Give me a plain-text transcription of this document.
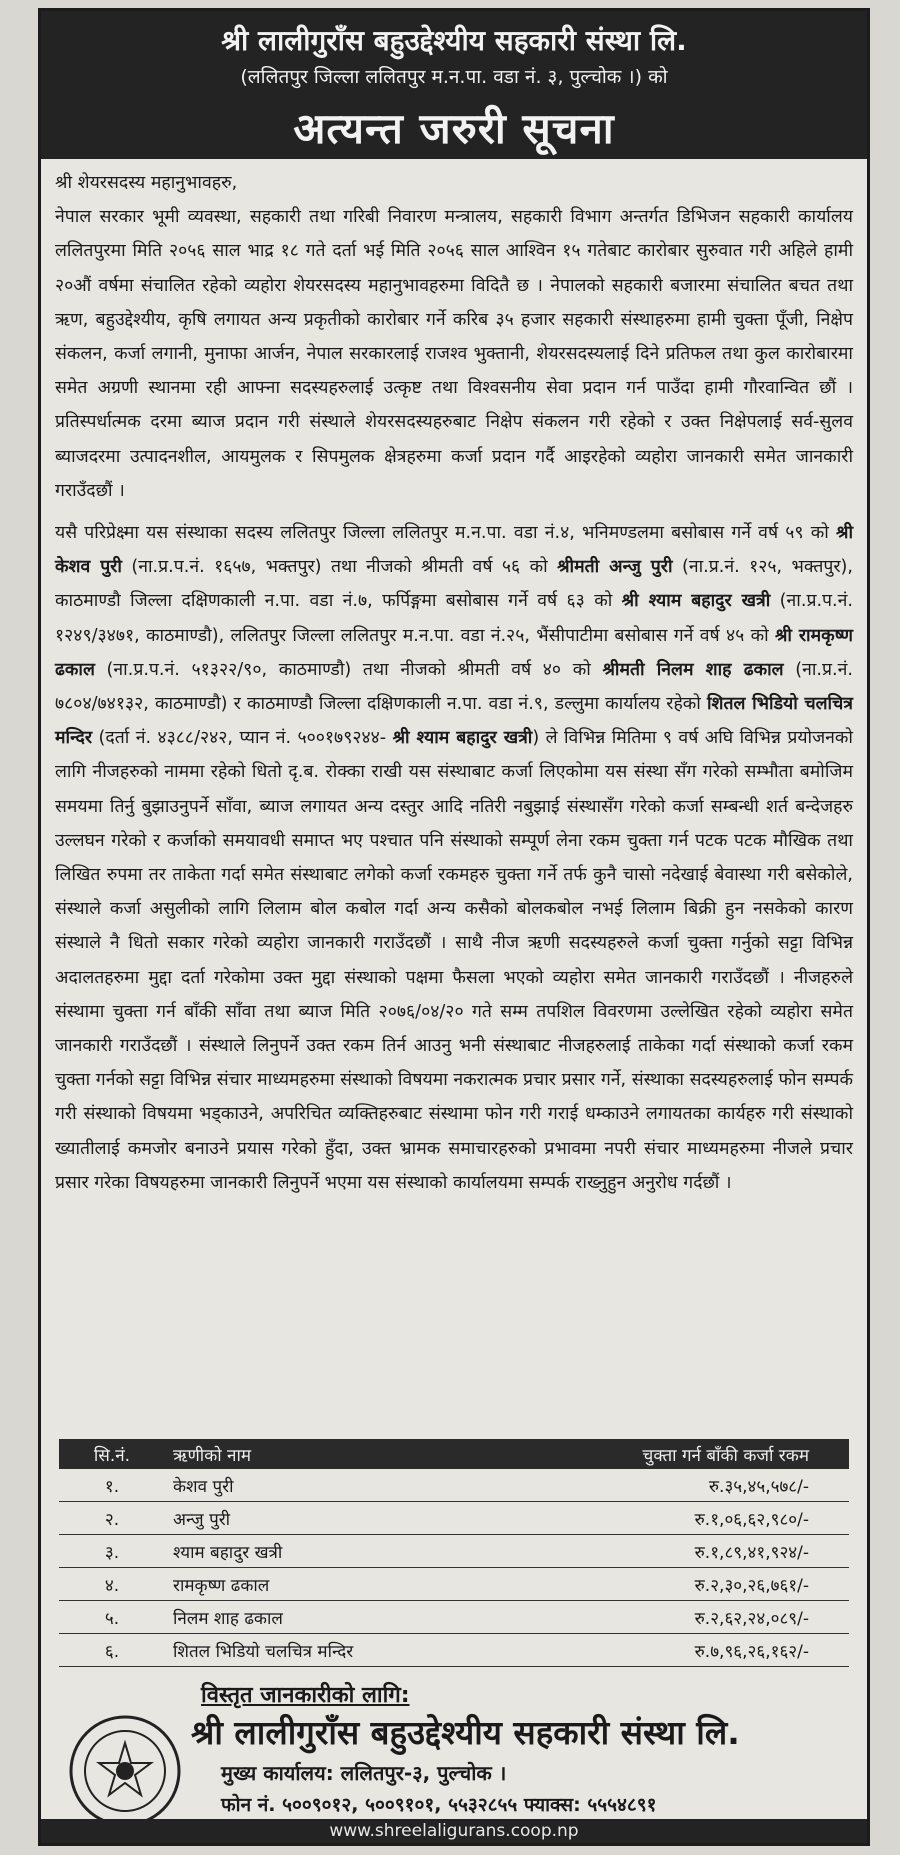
श्री लालीगुराँस बहुउद्देश्यीय सहकारी संस्था लि.
(ललितपुर जिल्ला ललितपुर म.न.पा. वडा नं. ३, पुल्चोक ।) को
अत्यन्त जरुरी सूचना

श्री शेयरसदस्य महानुभावहरु,

नेपाल सरकार भूमी व्यवस्था, सहकारी तथा गरिबी निवारण मन्त्रालय, सहकारी विभाग अन्तर्गत डिभिजन सहकारी कार्यालय ललितपुरमा मिति २०५६ साल भाद्र १८ गते दर्ता भई मिति २०५६ साल आश्विन १५ गतेबाट कारोबार सुरुवात गरी अहिले हामी २०औं वर्षमा संचालित रहेको व्यहोरा शेयरसदस्य महानुभावहरुमा विदितै छ । नेपालको सहकारी बजारमा संचालित बचत तथा ऋण, बहुउद्देश्यीय, कृषि लगायत अन्य प्रकृतीको कारोबार गर्ने करिब ३५ हजार सहकारी संस्थाहरुमा हामी चुक्ता पूँजी, निक्षेप संकलन, कर्जा लगानी, मुनाफा आर्जन, नेपाल सरकारलाई राजश्व भुक्तानी, शेयरसदस्यलाई दिने प्रतिफल तथा कुल कारोबारमा समेत अग्रणी स्थानमा रही आफ्ना सदस्यहरुलाई उत्कृष्ट तथा विश्वसनीय सेवा प्रदान गर्न पाउँदा हामी गौरवान्वित छौं । प्रतिस्पर्धात्मक दरमा ब्याज प्रदान गरी संस्थाले शेयरसदस्यहरुबाट निक्षेप संकलन गरी रहेको र उक्त निक्षेपलाई सर्व-सुलव ब्याजदरमा उत्पादनशील, आयमुलक र सिपमुलक क्षेत्रहरुमा कर्जा प्रदान गर्दै आइरहेको व्यहोरा जानकारी समेत जानकारी गराउँदछौं ।

यसै परिप्रेक्ष्मा यस संस्थाका सदस्य ललितपुर जिल्ला ललितपुर म.न.पा. वडा नं.४, भनिमण्डलमा बसोबास गर्ने वर्ष ५९ को श्री केशव पुरी (ना.प्र.प.नं. १६५७, भक्तपुर) तथा नीजको श्रीमती वर्ष ५६ को श्रीमती अन्जु पुरी (ना.प्र.नं. १२५, भक्तपुर), काठमाण्डौ जिल्ला दक्षिणकाली न.पा. वडा नं.७, फर्पिङ्गमा बसोबास गर्ने वर्ष ६३ को श्री श्याम बहादुर खत्री (ना.प्र.प.नं. १२४९/३४७१, काठमाण्डौ), ललितपुर जिल्ला ललितपुर म.न.पा. वडा नं.२५, भैंसीपाटीमा बसोबास गर्ने वर्ष ४५ को श्री रामकृष्ण ढकाल (ना.प्र.प.नं. ५१३२२/९०, काठमाण्डौ) तथा नीजको श्रीमती वर्ष ४० को श्रीमती निलम शाह ढकाल (ना.प्र.नं. ७८०४/७४१३२, काठमाण्डौ) र काठमाण्डौ जिल्ला दक्षिणकाली न.पा. वडा नं.९, डल्लुमा कार्यालय रहेको शितल भिडियो चलचित्र मन्दिर (दर्ता नं. ४३८८/२४२, प्यान नं. ५००१७९२४४- श्री श्याम बहादुर खत्री) ले विभिन्न मितिमा ९ वर्ष अघि विभिन्न प्रयोजनको लागि नीजहरुको नाममा रहेको धितो दृ.ब. रोक्का राखी यस संस्थाबाट कर्जा लिएकोमा यस संस्था सँग गरेको सम्भौता बमोजिम समयमा तिर्नु बुझाउनुपर्ने साँवा, ब्याज लगायत अन्य दस्तुर आदि नतिरी नबुझाई संस्थासँग गरेको कर्जा सम्बन्धी शर्त बन्देजहरु उल्लघन गरेको र कर्जाको समयावधी समाप्त भए पश्चात पनि संस्थाको सम्पूर्ण लेना रकम चुक्ता गर्न पटक पटक मौखिक तथा लिखित रुपमा तर ताकेता गर्दा समेत संस्थाबाट लगेको कर्जा रकमहरु चुक्ता गर्ने तर्फ कुनै चासो नदेखाई बेवास्था गरी बसेकोले, संस्थाले कर्जा असुलीको लागि लिलाम बोल कबोल गर्दा अन्य कसैको बोलकबोल नभई लिलाम बिक्री हुन नसकेको कारण संस्थाले नै धितो सकार गरेको व्यहोरा जानकारी गराउँदछौं । साथै नीज ऋणी सदस्यहरुले कर्जा चुक्ता गर्नुको सट्टा विभिन्न अदालतहरुमा मुद्दा दर्ता गरेकोमा उक्त मुद्दा संस्थाको पक्षमा फैसला भएको व्यहोरा समेत जानकारी गराउँदछौं । नीजहरुले संस्थामा चुक्ता गर्न बाँकी साँवा तथा ब्याज मिति २०७६/०४/२० गते सम्म तपशिल विवरणमा उल्लेखित रहेको व्यहोरा समेत जानकारी गराउँदछौं । संस्थाले लिनुपर्ने उक्त रकम तिर्न आउनु भनी संस्थाबाट नीजहरुलाई ताकेका गर्दा संस्थाको कर्जा रकम चुक्ता गर्नको सट्टा विभिन्न संचार माध्यमहरुमा संस्थाको विषयमा नकरात्मक प्रचार प्रसार गर्ने, संस्थाका सदस्यहरुलाई फोन सम्पर्क गरी संस्थाको विषयमा भड्काउने, अपरिचित व्यक्तिहरुबाट संस्थामा फोन गरी गराई धम्काउने लगायतका कार्यहरु गरी संस्थाको ख्यातीलाई कमजोर बनाउने प्रयास गरेको हुँदा, उक्त भ्रामक समाचारहरुको प्रभावमा नपरी संचार माध्यमहरुमा नीजले प्रचार प्रसार गरेका विषयहरुमा जानकारी लिनुपर्ने भएमा यस संस्थाको कार्यालयमा सम्पर्क राख्नुहुन अनुरोध गर्दछौं ।

सि.नं.	ऋणीको नाम	चुक्ता गर्न बाँकी कर्जा रकम
१.	केशव पुरी	रु.३५,४५,५७८/-
२.	अन्जु पुरी	रु.१,०६,६२,९८०/-
३.	श्याम बहादुर खत्री	रु.१,८९,४१,९२४/-
४.	रामकृष्ण ढकाल	रु.२,३०,२६,७६१/-
५.	निलम शाह ढकाल	रु.२,६२,२४,०८९/-
६.	शितल भिडियो चलचित्र मन्दिर	रु.७,९६,२६,१६२/-
विस्तृत जानकारीको लागि:
श्री लालीगुराँस बहुउद्देश्यीय सहकारी संस्था लि.
मुख्य कार्यालय: ललितपुर-३, पुल्चोक ।
फोन नं. ५००९०१२, ५००९१०१, ५५३२८५५ फ्याक्स: ५५५४८९१
www.shreelaligurans.coop.np
